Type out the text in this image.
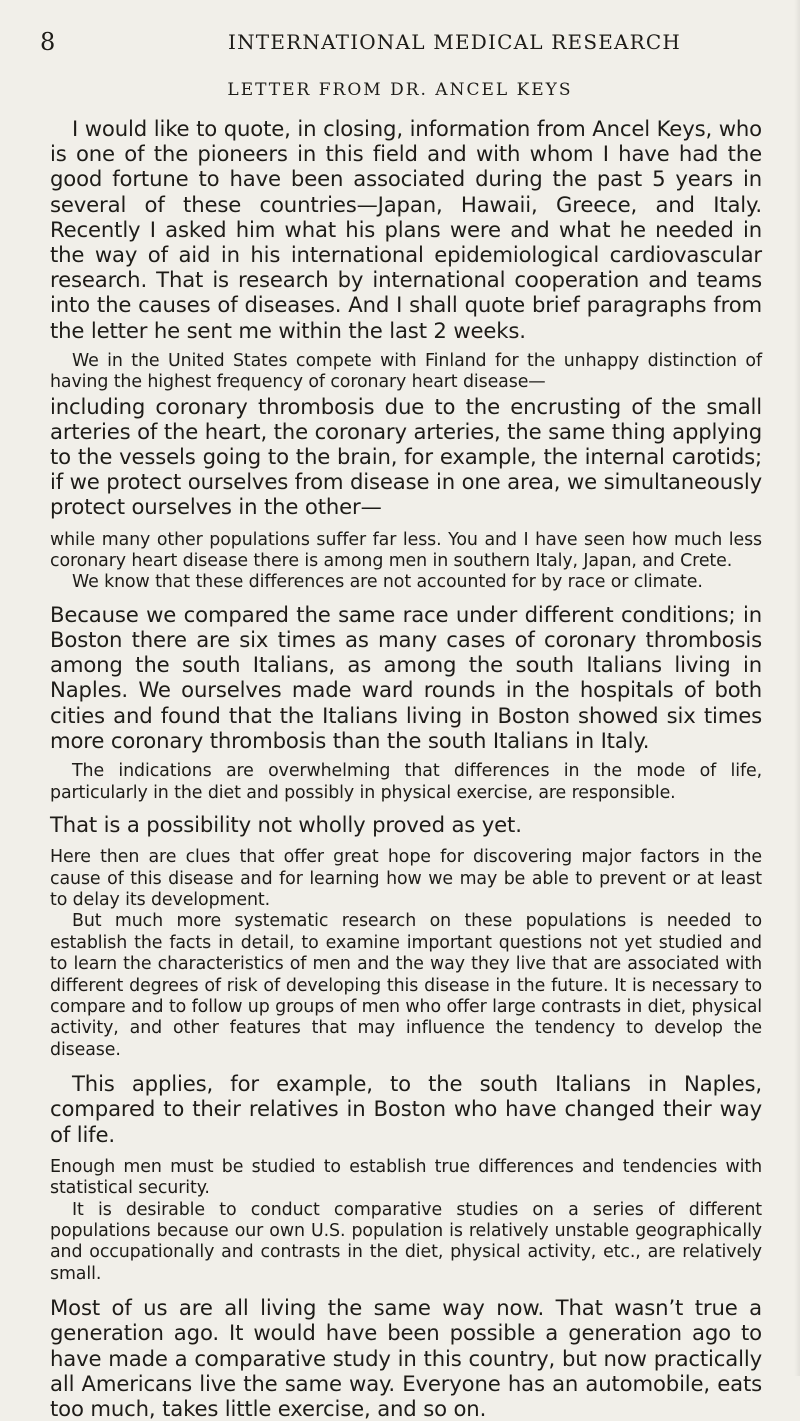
8	INTERNATIONAL MEDICAL RESEARCH
LETTER FROM DR. ANCEL KEYS

I would like to quote, in closing, information from Ancel Keys, who is one of the pioneers in this field and with whom I have had the good fortune to have been associated during the past 5 years in several of these countries—Japan, Hawaii, Greece, and Italy. Recently I asked him what his plans were and what he needed in the way of aid in his international epidemiological cardiovascular research. That is research by international cooperation and teams into the causes of diseases. And I shall quote brief paragraphs from the letter he sent me within the last 2 weeks.

We in the United States compete with Finland for the unhappy distinction of having the highest frequency of coronary heart disease—

including coronary thrombosis due to the encrusting of the small arteries of the heart, the coronary arteries, the same thing applying to the vessels going to the brain, for example, the internal carotids; if we protect ourselves from disease in one area, we simultaneously protect ourselves in the other—

while many other populations suffer far less. You and I have seen how much less coronary heart disease there is among men in southern Italy, Japan, and Crete.

We know that these differences are not accounted for by race or climate.

Because we compared the same race under different conditions; in Boston there are six times as many cases of coronary thrombosis among the south Italians, as among the south Italians living in Naples. We ourselves made ward rounds in the hospitals of both cities and found that the Italians living in Boston showed six times more coronary thrombosis than the south Italians in Italy.

The indications are overwhelming that differences in the mode of life, particularly in the diet and possibly in physical exercise, are responsible.

That is a possibility not wholly proved as yet.

Here then are clues that offer great hope for discovering major factors in the cause of this disease and for learning how we may be able to prevent or at least to delay its development.

But much more systematic research on these populations is needed to establish the facts in detail, to examine important questions not yet studied and to learn the characteristics of men and the way they live that are associated with different degrees of risk of developing this disease in the future. It is necessary to compare and to follow up groups of men who offer large contrasts in diet, physical activity, and other features that may influence the tendency to develop the disease.

This applies, for example, to the south Italians in Naples, compared to their relatives in Boston who have changed their way of life.

Enough men must be studied to establish true differences and tendencies with statistical security.

It is desirable to conduct comparative studies on a series of different populations because our own U.S. population is relatively unstable geographically and occupationally and contrasts in the diet, physical activity, etc., are relatively small.

Most of us are all living the same way now. That wasn’t true a generation ago. It would have been possible a generation ago to have made a comparative study in this country, but now practically all Americans live the same way. Everyone has an automobile, eats too much, takes little exercise, and so on.
